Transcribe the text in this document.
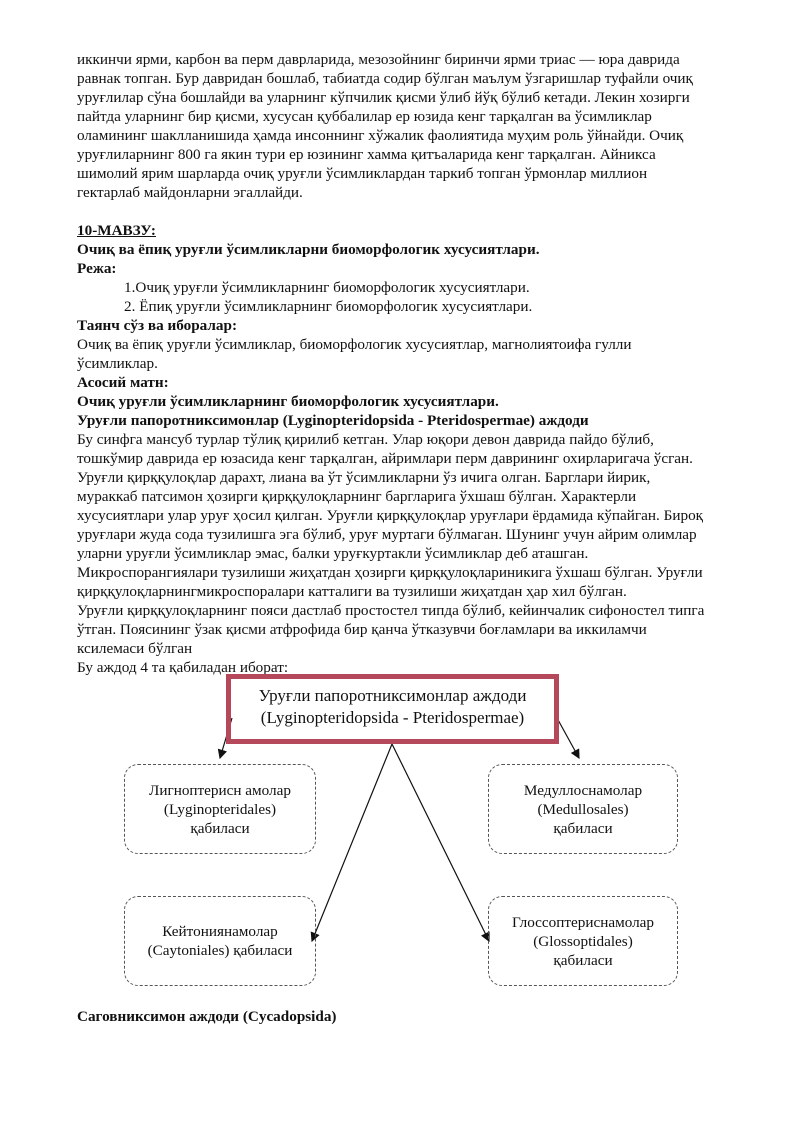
иккинчи ярми, карбон ва перм даврларида, мезозойнинг биринчи ярми триас — юра даврида

равнак топган. Бур давридан бошлаб, табиатда содир бўлган маълум ўзгаришлар туфайли очиқ

уруғлилар сўна бошлайди ва уларнинг кўпчилик қисми ўлиб йўқ бўлиб кетади. Лекин хозирги

пайтда уларнинг бир қисми, хусусан қуббалилар ер юзида кенг тарқалган ва ўсимликлар

оламининг шаклланишида ҳамда инсоннинг хўжалик фаолиятида муҳим роль ўйнайди. Очиқ

уруғлиларнинг 800 га якин тури ер юзининг хамма қитъаларида кенг тарқалган. Айникса

шимолий ярим шарларда очиқ уруғли ўсимликлардан таркиб топган ўрмонлар миллион

гектарлаб майдонларни эгаллайди.

10-МАВЗУ:

Очиқ ва ёпиқ уруғли ўсимликларни биоморфологик хусусиятлари.

Режа:

1.Очиқ уруғли ўсимликларнинг биоморфологик хусусиятлари.

2. Ёпиқ уруғли ўсимликларнинг биоморфологик хусусиятлари.

Таянч сўз ва иборалар:

Очиқ ва ёпиқ уруғли ўсимликлар, биоморфологик хусусиятлар, магнолиятоифа гулли

ўсимликлар.

Асосий матн:

Очиқ уруғли ўсимликларнинг биоморфологик хусусиятлари.

Уруғли папоротниксимонлар (Lyginopteridopsida - Pteridospermae) аждоди

Бу синфга мансуб турлар тўлиқ қирилиб кетган. Улар юқори девон даврида пайдо бўлиб,

тошкўмир даврида ер юзасида кенг тарқалган, айримлари перм даврининг охирларигача ўсган.

Уруғли қирққулоқлар дарахт, лиана ва ўт ўсимликларни ўз ичига олган. Барглари йирик,

мураккаб патсимон ҳозирги қирққулоқларнинг баргларига ўхшаш бўлган. Характерли

хусусиятлари улар уруғ ҳосил қилган. Уруғли қирққулоқлар уруғлари ёрдамида кўпайган. Бироқ

уруғлари жуда сода тузилишга эга бўлиб, уруғ муртаги бўлмаган. Шунинг учун айрим олимлар

уларни уруғли ўсимликлар эмас, балки уруғкуртакли ўсимликлар деб аташган.

Микроспорангиялари тузилиши жиҳатдан ҳозирги қирққулоқлариникига ўхшаш бўлган. Уруғли

қирққулоқларнингмикроспоралари катталиги ва тузилиши жиҳатдан ҳар хил бўлган.

Уруғли қирққулоқларнинг пояси дастлаб простостел типда бўлиб, кейинчалик сифоностел типга

ўтган. Поясининг ўзак қисми атфрофида бир қанча ўтказувчи боғламлари ва иккиламчи

ксилемаси бўлган

Бу аждод 4 та қабиладан иборат:

Уруғли папоротниксимонлар аждоди
(Lyginopteridopsida - Pteridospermae)
Лигноптерисн амолар
(Lyginopteridales)
қабиласи
Медуллоснамолар
(Medullosales)
қабиласи
Кейтониянамолар
(Caytoniales) қабиласи
Глоссоптериснамолар
(Glossoptidales)
қабиласи

Саговниксимон аждоди (Cycadopsida)
